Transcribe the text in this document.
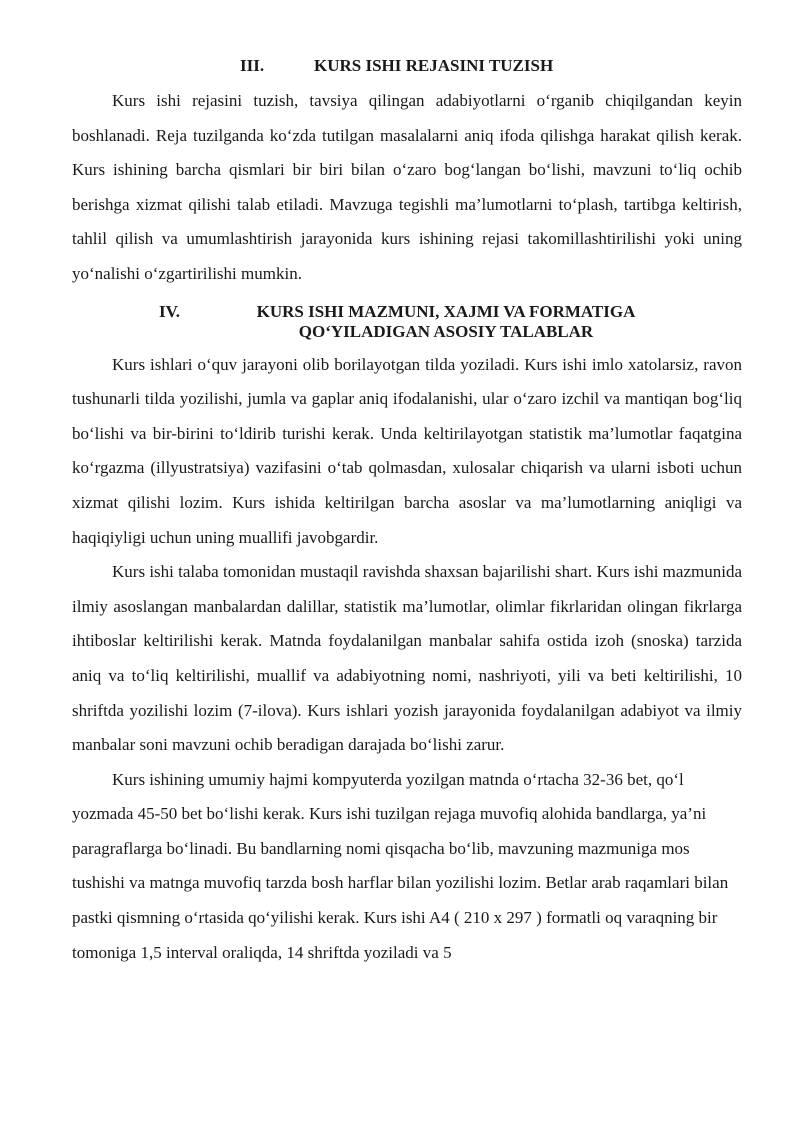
III.	KURS ISHI REJASINI TUZISH

Kurs ishi rejasini tuzish, tavsiya qilingan adabiyotlarni o‘rganib chiqilgandan keyin boshlanadi. Reja tuzilganda ko‘zda tutilgan masalalarni aniq ifoda qilishga harakat qilish kerak. Kurs ishining barcha qismlari bir biri bilan o‘zaro bog‘langan bo‘lishi, mavzuni to‘liq ochib berishga xizmat qilishi talab etiladi. Mavzuga tegishli ma’lumotlarni to‘plash, tartibga keltirish, tahlil qilish va umumlashtirish jarayonida kurs ishining rejasi takomillashtirilishi yoki uning yo‘nalishi o‘zgartirilishi mumkin.

IV.	KURS ISHI MAZMUNI, XAJMI VA FORMATIGA
QO‘YILADIGAN ASOSIY TALABLAR

Kurs ishlari o‘quv jarayoni olib borilayotgan tilda yoziladi. Kurs ishi imlo xatolarsiz, ravon tushunarli tilda yozilishi, jumla va gaplar aniq ifodalanishi, ular o‘zaro izchil va mantiqan bog‘liq bo‘lishi va bir-birini to‘ldirib turishi kerak. Unda keltirilayotgan statistik ma’lumotlar faqatgina ko‘rgazma (illyustratsiya) vazifasini o‘tab qolmasdan, xulosalar chiqarish va ularni isboti uchun xizmat qilishi lozim. Kurs ishida keltirilgan barcha asoslar va ma’lumotlarning aniqligi va haqiqiyligi uchun uning muallifi javobgardir.

Kurs ishi talaba tomonidan mustaqil ravishda shaxsan bajarilishi shart. Kurs ishi mazmunida ilmiy asoslangan manbalardan dalillar, statistik ma’lumotlar, olimlar fikrlaridan olingan fikrlarga ihtiboslar keltirilishi kerak. Matnda foydalanilgan manbalar sahifa ostida izoh (snoska) tarzida aniq va to‘liq keltirilishi, muallif va adabiyotning nomi, nashriyoti, yili va beti keltirilishi, 10 shriftda yozilishi lozim (7-ilova). Kurs ishlari yozish jarayonida foydalanilgan adabiyot va ilmiy manbalar soni mavzuni ochib beradigan darajada bo‘lishi zarur.

Kurs ishining umumiy hajmi kompyuterda yozilgan matnda o‘rtacha 32-36 bet, qo‘l yozmada 45-50 bet bo‘lishi kerak. Kurs ishi tuzilgan rejaga muvofiq alohida bandlarga, ya’ni paragraflarga bo‘linadi. Bu bandlarning nomi qisqacha bo‘lib, mavzuning mazmuniga mos tushishi va matnga muvofiq tarzda bosh harflar bilan yozilishi lozim. Betlar arab raqamlari bilan pastki qismning o‘rtasida qo‘yilishi kerak. Kurs ishi A4 ( 210 x 297 ) formatli oq varaqning bir tomoniga 1,5 interval oraliqda, 14 shriftda yoziladi va 5
